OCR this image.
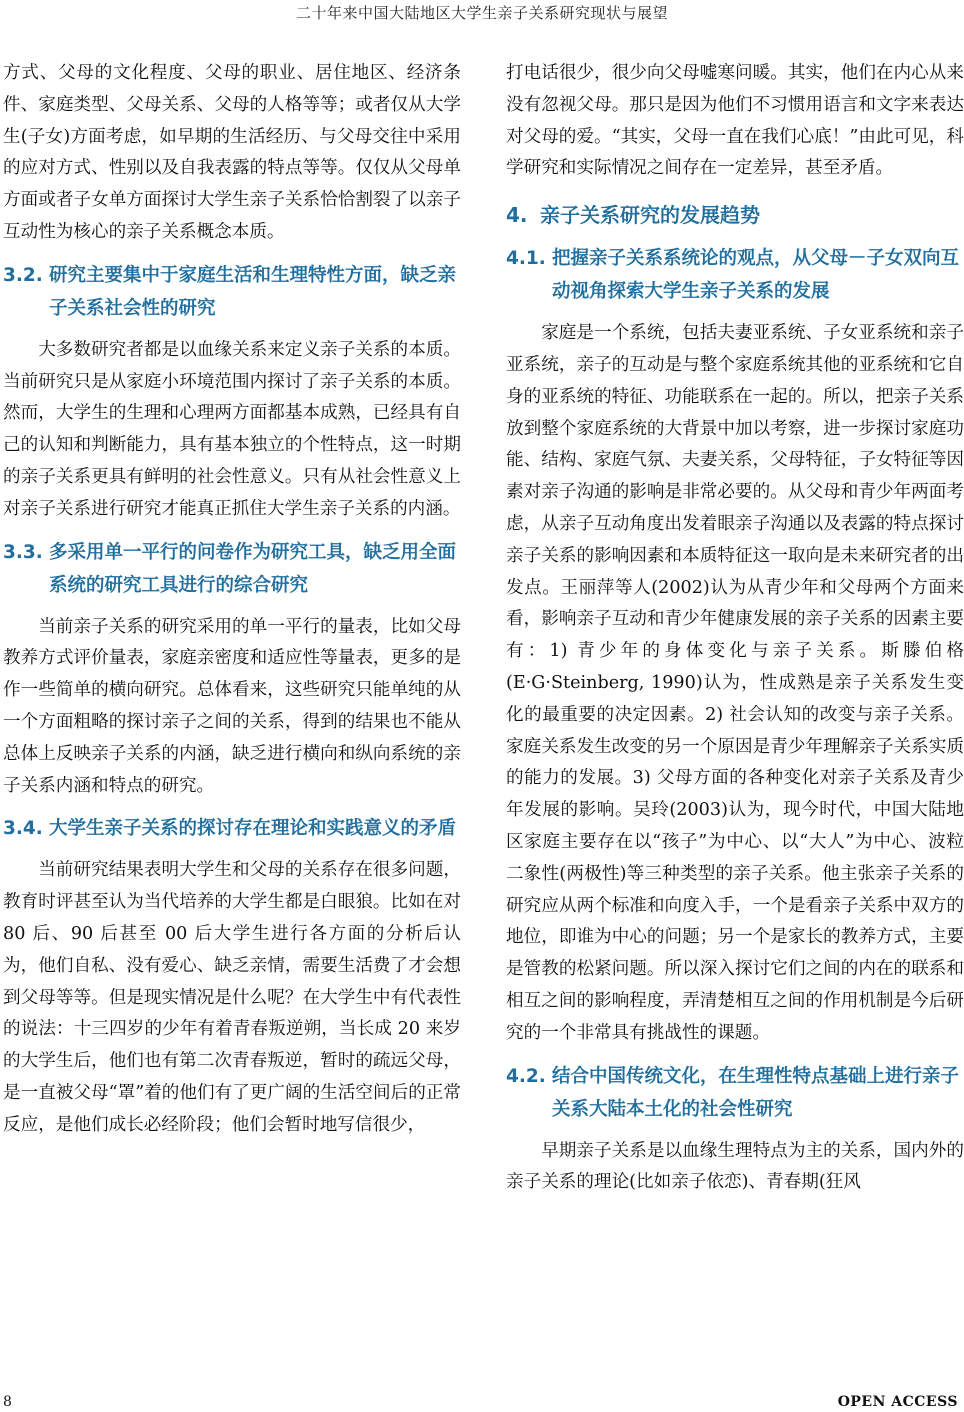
二十年来中国大陆地区大学生亲子关系研究现状与展望

方式、父母的文化程度、父母的职业、居住地区、经济条件、家庭类型、父母关系、父母的人格等等；或者仅从大学生(子女)方面考虑，如早期的生活经历、与父母交往中采用的应对方式、性别以及自我表露的特点等等。仅仅从父母单方面或者子女单方面探讨大学生亲子关系恰恰割裂了以亲子互动性为核心的亲子关系概念本质。

3.2. 研究主要集中于家庭生活和生理特性方面，缺乏亲子关系社会性的研究

大多数研究者都是以血缘关系来定义亲子关系的本质。当前研究只是从家庭小环境范围内探讨了亲子关系的本质。然而，大学生的生理和心理两方面都基本成熟，已经具有自己的认知和判断能力，具有基本独立的个性特点，这一时期的亲子关系更具有鲜明的社会性意义。只有从社会性意义上对亲子关系进行研究才能真正抓住大学生亲子关系的内涵。

3.3. 多采用单一平行的问卷作为研究工具，缺乏用全面系统的研究工具进行的综合研究

当前亲子关系的研究采用的单一平行的量表，比如父母教养方式评价量表，家庭亲密度和适应性等量表，更多的是作一些简单的横向研究。总体看来，这些研究只能单纯的从一个方面粗略的探讨亲子之间的关系，得到的结果也不能从总体上反映亲子关系的内涵，缺乏进行横向和纵向系统的亲子关系内涵和特点的研究。

3.4. 大学生亲子关系的探讨存在理论和实践意义的矛盾

当前研究结果表明大学生和父母的关系存在很多问题，教育时评甚至认为当代培养的大学生都是白眼狼。比如在对 80 后、90 后甚至 00 后大学生进行各方面的分析后认为，他们自私、没有爱心、缺乏亲情，需要生活费了才会想到父母等等。但是现实情况是什么呢？在大学生中有代表性的说法：十三四岁的少年有着青春叛逆朔，当长成 20 来岁的大学生后，他们也有第二次青春叛逆，暂时的疏远父母，是一直被父母“罩”着的他们有了更广阔的生活空间后的正常反应，是他们成长必经阶段；他们会暂时地写信很少，

打电话很少，很少向父母嘘寒问暖。其实，他们在内心从来没有忽视父母。那只是因为他们不习惯用语言和文字来表达对父母的爱。“其实，父母一直在我们心底！”由此可见，科学研究和实际情况之间存在一定差异，甚至矛盾。

4. 亲子关系研究的发展趋势
4.1. 把握亲子关系系统论的观点，从父母－子女双向互动视角探索大学生亲子关系的发展

家庭是一个系统，包括夫妻亚系统、子女亚系统和亲子亚系统，亲子的互动是与整个家庭系统其他的亚系统和它自身的亚系统的特征、功能联系在一起的。所以，把亲子关系放到整个家庭系统的大背景中加以考察，进一步探讨家庭功能、结构、家庭气氛、夫妻关系，父母特征，子女特征等因素对亲子沟通的影响是非常必要的。从父母和青少年两面考虑，从亲子互动角度出发着眼亲子沟通以及表露的特点探讨亲子关系的影响因素和本质特征这一取向是未来研究者的出发点。王丽萍等人(2002)认为从青少年和父母两个方面来看，影响亲子互动和青少年健康发展的亲子关系的因素主要有：1) 青少年的身体变化与亲子关系。斯滕伯格(E·G·Steinberg, 1990)认为，性成熟是亲子关系发生变化的最重要的决定因素。2) 社会认知的改变与亲子关系。家庭关系发生改变的另一个原因是青少年理解亲子关系实质的能力的发展。3) 父母方面的各种变化对亲子关系及青少年发展的影响。吴玲(2003)认为，现今时代，中国大陆地区家庭主要存在以“孩子”为中心、以“大人”为中心、波粒二象性(两极性)等三种类型的亲子关系。他主张亲子关系的研究应从两个标准和向度入手，一个是看亲子关系中双方的地位，即谁为中心的问题；另一个是家长的教养方式，主要是管教的松紧问题。所以深入探讨它们之间的内在的联系和相互之间的影响程度，弄清楚相互之间的作用机制是今后研究的一个非常具有挑战性的课题。

4.2. 结合中国传统文化，在生理性特点基础上进行亲子关系大陆本土化的社会性研究

早期亲子关系是以血缘生理特点为主的关系，国内外的亲子关系的理论(比如亲子依恋)、青春期(狂风

8	OPEN ACCESS
